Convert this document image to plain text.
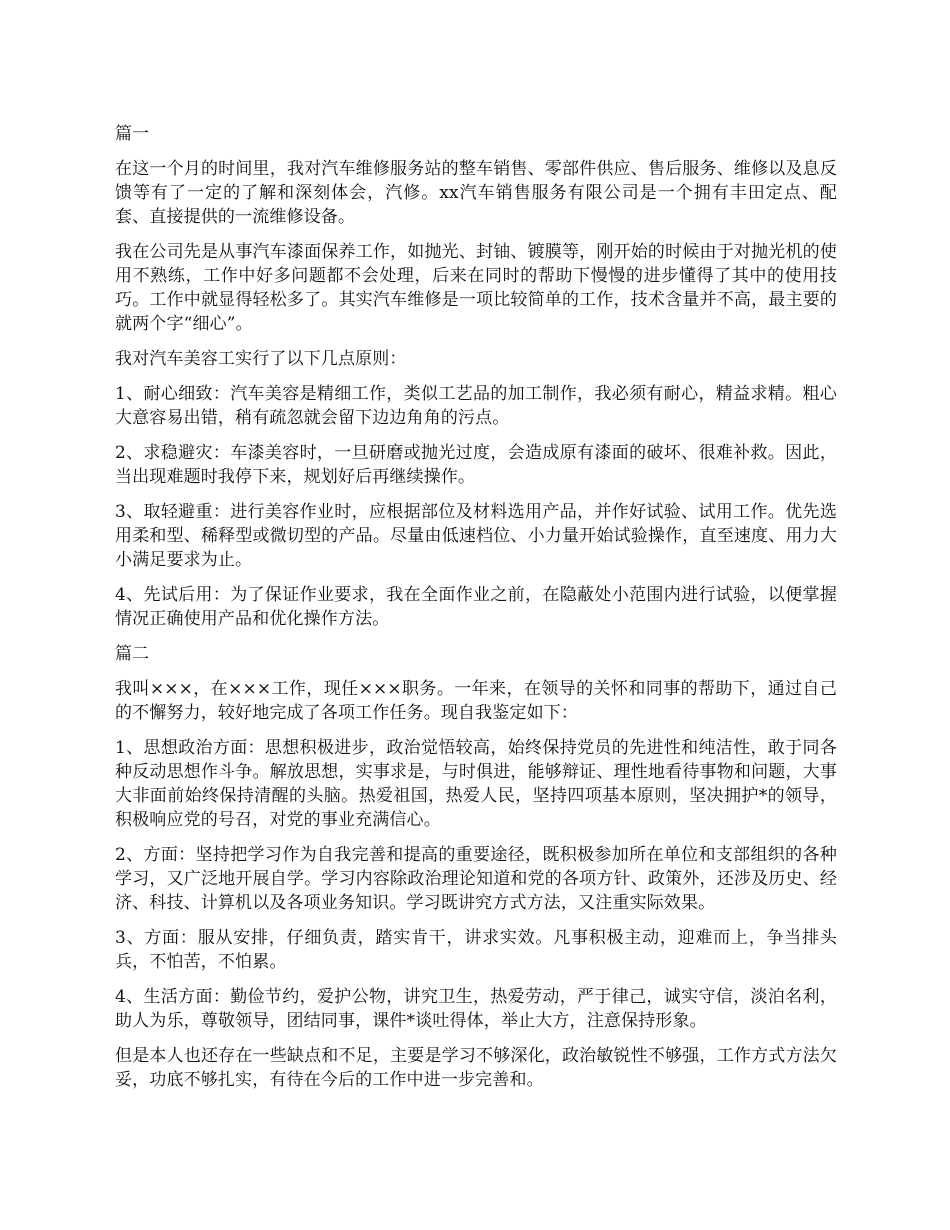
篇一

在这一个月的时间里，我对汽车维修服务站的整车销售、零部件供应、售后服务、维修以及息反馈等有了一定的了解和深刻体会，汽修。xx汽车销售服务有限公司是一个拥有丰田定点、配套、直接提供的一流维修设备。

我在公司先是从事汽车漆面保养工作，如抛光、封铀、镀膜等，刚开始的时候由于对抛光机的使用不熟练，工作中好多问题都不会处理，后来在同时的帮助下慢慢的进步懂得了其中的使用技巧。工作中就显得轻松多了。其实汽车维修是一项比较简单的工作，技术含量并不高，最主要的就两个字“细心”。

我对汽车美容工实行了以下几点原则：

1、耐心细致：汽车美容是精细工作，类似工艺品的加工制作，我必须有耐心，精益求精。粗心大意容易出错，稍有疏忽就会留下边边角角的污点。

2、求稳避灾：车漆美容时，一旦研磨或抛光过度，会造成原有漆面的破坏、很难补救。因此，当出现难题时我停下来，规划好后再继续操作。

3、取轻避重：进行美容作业时，应根据部位及材料选用产品，并作好试验、试用工作。优先选用柔和型、稀释型或微切型的产品。尽量由低速档位、小力量开始试验操作，直至速度、用力大小满足要求为止。

4、先试后用：为了保证作业要求，我在全面作业之前，在隐蔽处小范围内进行试验，以便掌握情况正确使用产品和优化操作方法。

篇二

我叫×××，在×××工作，现任×××职务。一年来，在领导的关怀和同事的帮助下，通过自己的不懈努力，较好地完成了各项工作任务。现自我鉴定如下：

1、思想政治方面：思想积极进步，政治觉悟较高，始终保持党员的先进性和纯洁性，敢于同各种反动思想作斗争。解放思想，实事求是，与时俱进，能够辩证、理性地看待事物和问题，大事大非面前始终保持清醒的头脑。热爱祖国，热爱人民，坚持四项基本原则，坚决拥护*的领导，积极响应党的号召，对党的事业充满信心。

2、方面：坚持把学习作为自我完善和提高的重要途径，既积极参加所在单位和支部组织的各种学习，又广泛地开展自学。学习内容除政治理论知道和党的各项方针、政策外，还涉及历史、经济、科技、计算机以及各项业务知识。学习既讲究方式方法，又注重实际效果。

3、方面：服从安排，仔细负责，踏实肯干，讲求实效。凡事积极主动，迎难而上，争当排头兵，不怕苦，不怕累。

4、生活方面：勤俭节约，爱护公物，讲究卫生，热爱劳动，严于律己，诚实守信，淡泊名利，助人为乐，尊敬领导，团结同事，课件*谈吐得体，举止大方，注意保持形象。

但是本人也还存在一些缺点和不足，主要是学习不够深化，政治敏锐性不够强，工作方式方法欠妥，功底不够扎实，有待在今后的工作中进一步完善和。
